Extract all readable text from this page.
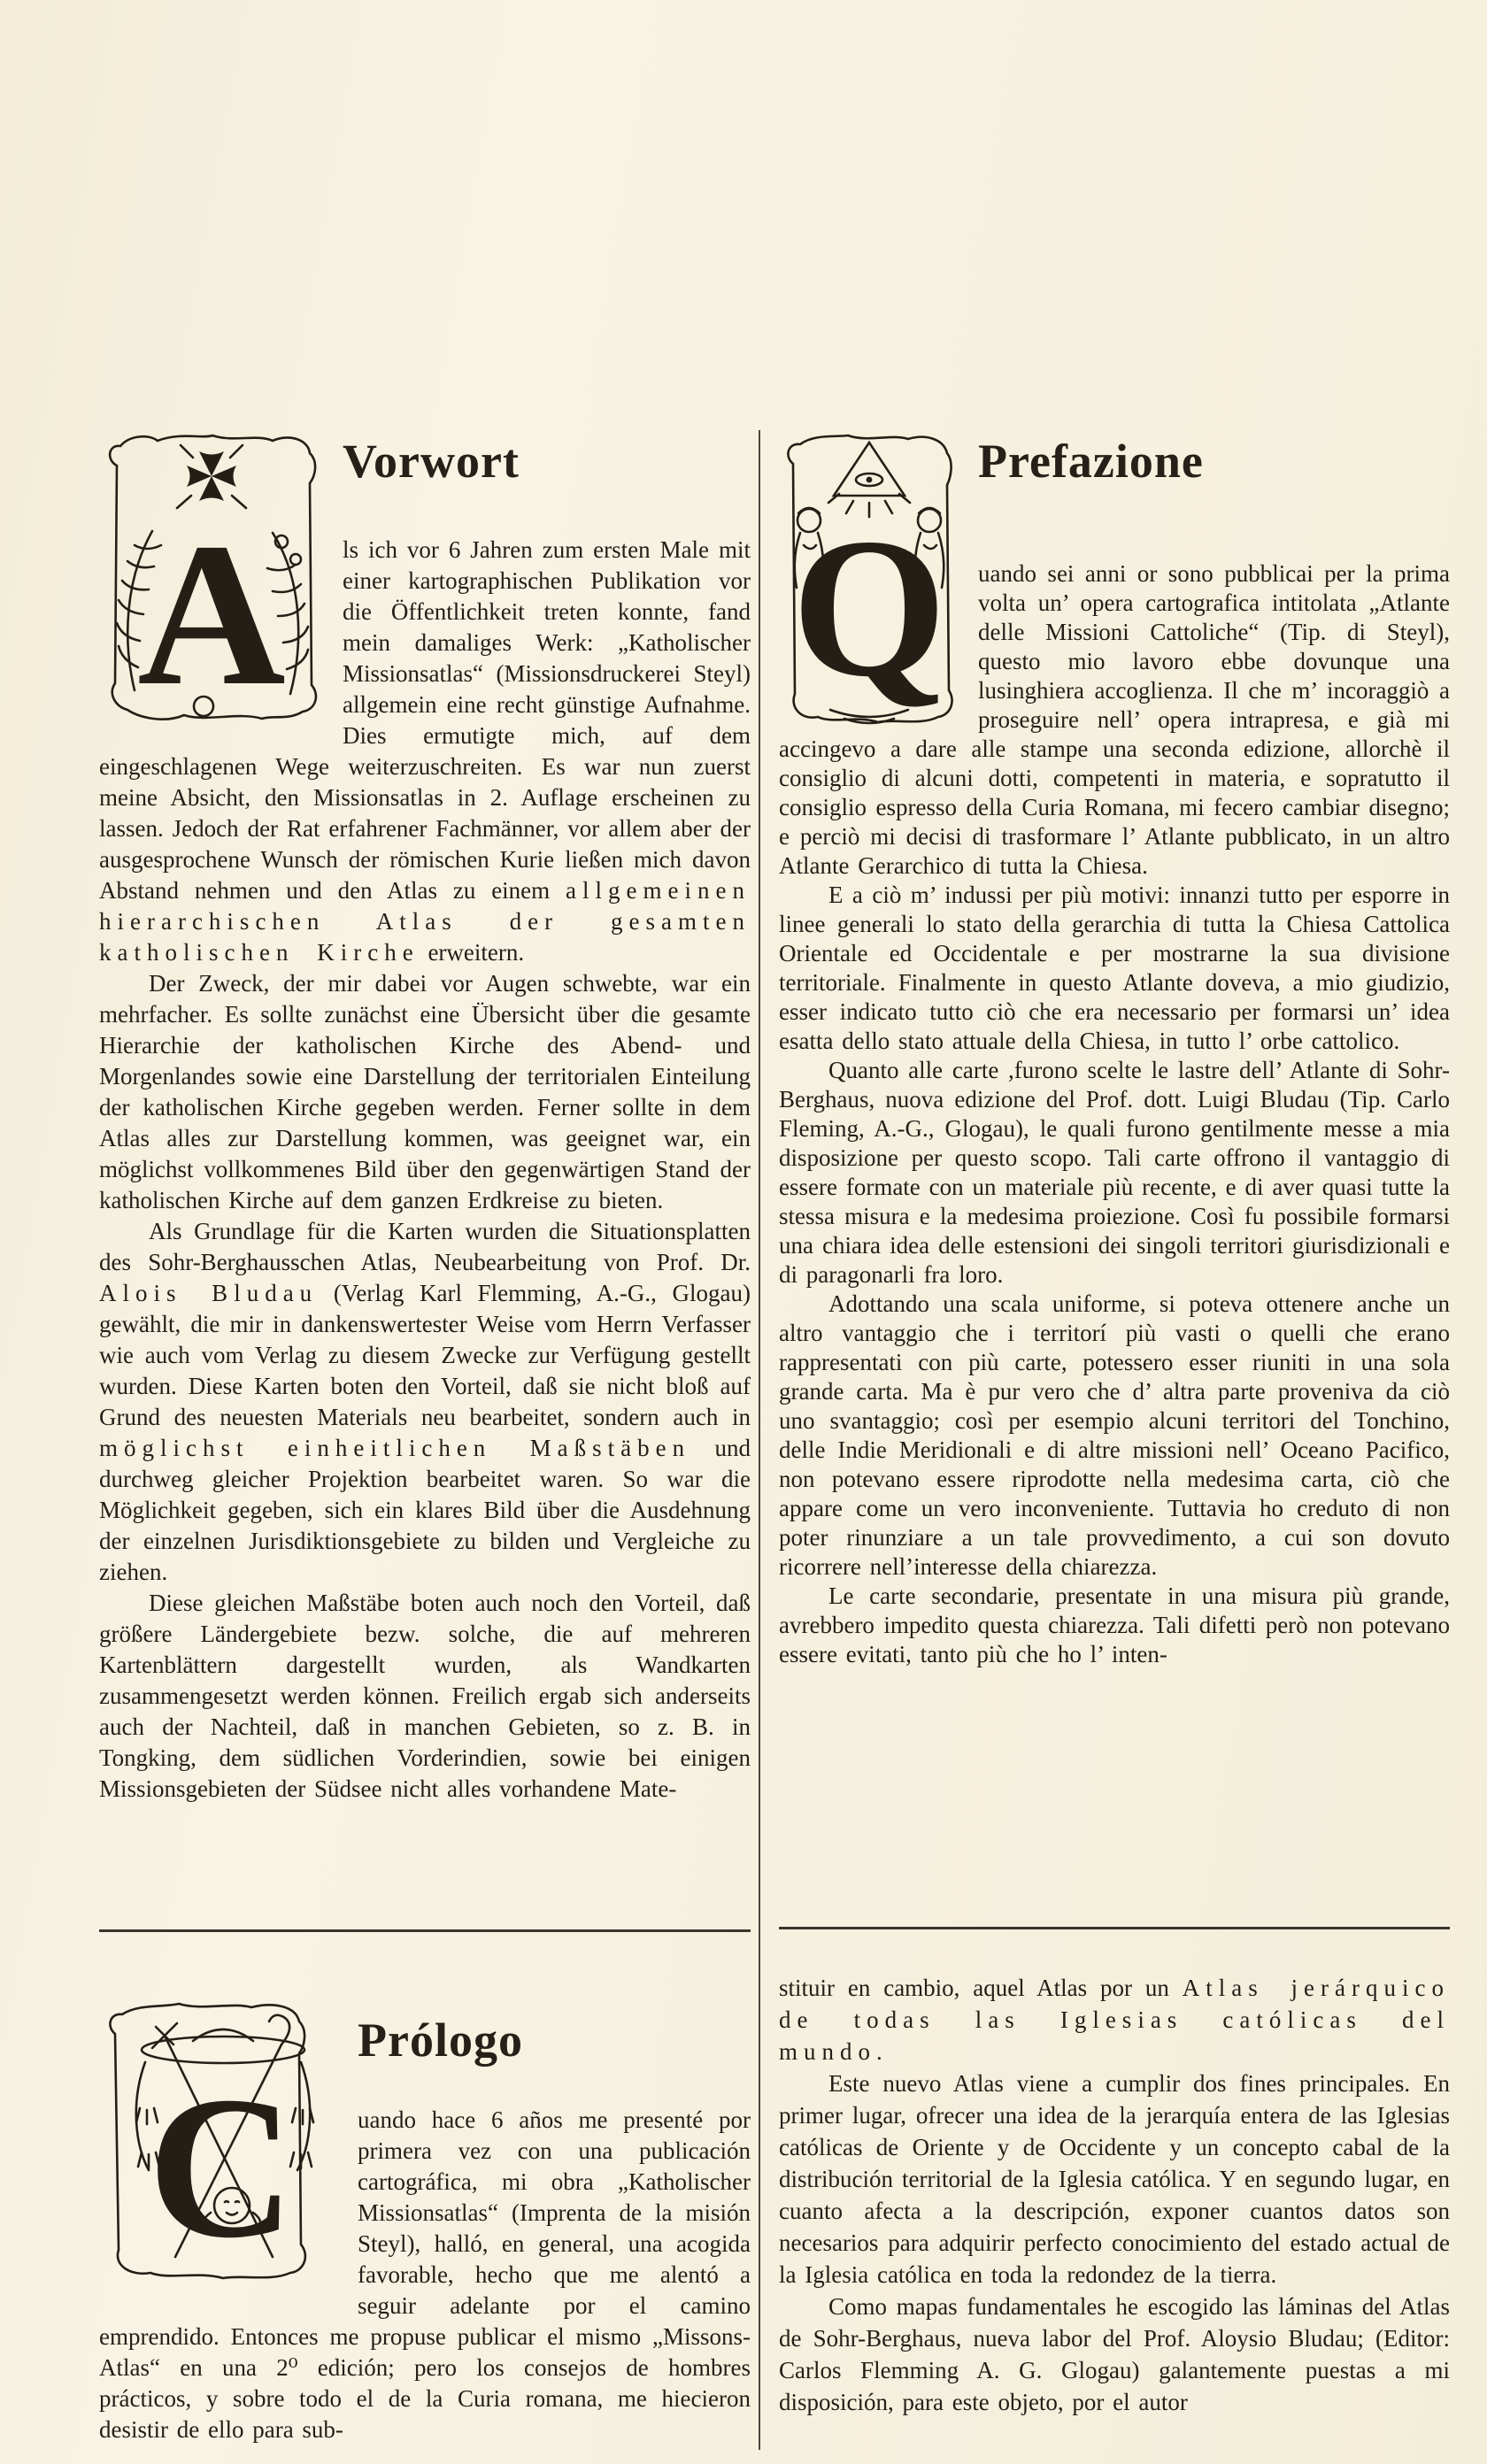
A
Vorwort

ls ich vor 6 Jahren zum ersten Male mit einer kartographischen Publikation vor die Öffentlichkeit treten konnte, fand mein damaliges Werk: „Katholischer Missionsatlas“ (Missionsdruckerei Steyl) allgemein eine recht günstige Aufnahme. Dies ermutigte mich, auf dem eingeschlagenen Wege weiterzuschreiten. Es war nun zuerst meine Absicht, den Missionsatlas in 2. Auflage erscheinen zu lassen. Jedoch der Rat erfahrener Fachmänner, vor allem aber der ausgesprochene Wunsch der römischen Kurie ließen mich davon Abstand nehmen und den Atlas zu einem allgemeinen hierarchischen Atlas der gesamten katholischen Kirche erweitern.

Der Zweck, der mir dabei vor Augen schwebte, war ein mehrfacher. Es sollte zunächst eine Übersicht über die gesamte Hierarchie der katholischen Kirche des Abend- und Morgenlandes sowie eine Darstellung der territorialen Einteilung der katholischen Kirche gegeben werden. Ferner sollte in dem Atlas alles zur Darstellung kommen, was geeignet war, ein möglichst vollkommenes Bild über den gegenwärtigen Stand der katholischen Kirche auf dem ganzen Erdkreise zu bieten.

Als Grundlage für die Karten wurden die Situationsplatten des Sohr-Berghausschen Atlas, Neubearbeitung von Prof. Dr. Alois Bludau (Verlag Karl Flemming, A.-G., Glogau) gewählt, die mir in dankenswertester Weise vom Herrn Verfasser wie auch vom Verlag zu diesem Zwecke zur Verfügung gestellt wurden. Diese Karten boten den Vorteil, daß sie nicht bloß auf Grund des neuesten Materials neu bearbeitet, sondern auch in möglichst einheitlichen Maßstäben und durchweg gleicher Projektion bearbeitet waren. So war die Möglichkeit gegeben, sich ein klares Bild über die Ausdehnung der einzelnen Jurisdiktionsgebiete zu bilden und Vergleiche zu ziehen.

Diese gleichen Maßstäbe boten auch noch den Vorteil, daß größere Ländergebiete bezw. solche, die auf mehreren Kartenblättern dargestellt wurden, als Wandkarten zusammengesetzt werden können. Freilich ergab sich anderseits auch der Nachteil, daß in manchen Gebieten, so z. B. in Tongking, dem südlichen Vorderindien, sowie bei einigen Missionsgebieten der Südsee nicht alles vorhandene Mate-

Q
Prefazione

uando sei anni or sono pubblicai per la prima volta un’ opera cartografica intitolata „Atlante delle Missioni Cattoliche“ (Tip. di Steyl), questo mio lavoro ebbe dovunque una lusinghiera accoglienza. Il che m’ incoraggiò a proseguire nell’ opera intrapresa, e già mi accingevo a dare alle stampe una seconda edizione, allorchè il consiglio di alcuni dotti, competenti in materia, e sopratutto il consiglio espresso della Curia Romana, mi fecero cambiar disegno; e perciò mi decisi di trasformare l’ Atlante pubblicato, in un altro Atlante Gerarchico di tutta la Chiesa.

E a ciò m’ indussi per più motivi: innanzi tutto per esporre in linee generali lo stato della gerarchia di tutta la Chiesa Cattolica Orientale ed Occidentale e per mostrarne la sua divisione territoriale. Finalmente in questo Atlante doveva, a mio giudizio, esser indicato tutto ciò che era necessario per formarsi un’ idea esatta dello stato attuale della Chiesa, in tutto l’ orbe cattolico.

Quanto alle carte ,furono scelte le lastre dell’ Atlante di Sohr-Berghaus, nuova edizione del Prof. dott. Luigi Bludau (Tip. Carlo Fleming, A.-G., Glogau), le quali furono gentilmente messe a mia disposizione per questo scopo. Tali carte offrono il vantaggio di essere formate con un materiale più recente, e di aver quasi tutte la stessa misura e la medesima proiezione. Così fu possibile formarsi una chiara idea delle estensioni dei singoli territori giurisdizionali e di paragonarli fra loro.

Adottando una scala uniforme, si poteva ottenere anche un altro vantaggio che i territorí più vasti o quelli che erano rappresentati con più carte, potessero esser riuniti in una sola grande carta. Ma è pur vero che d’ altra parte proveniva da ciò uno svantaggio; così per esempio alcuni territori del Tonchino, delle Indie Meridionali e di altre missioni nell’ Oceano Pacifico, non potevano essere riprodotte nella medesima carta, ciò che appare come un vero inconveniente. Tuttavia ho creduto di non poter rinunziare a un tale provvedimento, a cui son dovuto ricorrere nell’interesse della chiarezza.

Le carte secondarie, presentate in una misura più grande, avrebbero impedito questa chiarezza. Tali difetti però non potevano essere evitati, tanto più che ho l’ inten-

C
Prólogo

uando hace 6 años me presenté por primera vez con una publicación cartográfica, mi obra „Katholischer Missionsatlas“ (Imprenta de la misión Steyl), halló, en general, una acogida favorable, hecho que me alentó a seguir adelante por el camino emprendido. Entonces me propuse publicar el mismo „Missons-Atlas“ en una 2⁰ edición; pero los consejos de hombres prácticos, y sobre todo el de la Curia romana, me hiecieron desistir de ello para sub-

stituir en cambio, aquel Atlas por un Atlas jerárquico de todas las Iglesias católicas del mundo.

Este nuevo Atlas viene a cumplir dos fines principales. En primer lugar, ofrecer una idea de la jerarquía entera de las Iglesias católicas de Oriente y de Occidente y un concepto cabal de la distribución territorial de la Iglesia católica. Y en segundo lugar, en cuanto afecta a la descripción, exponer cuantos datos son necesarios para adquirir perfecto conocimiento del estado actual de la Iglesia católica en toda la redondez de la tierra.

Como mapas fundamentales he escogido las láminas del Atlas de Sohr-Berghaus, nueva labor del Prof. Aloysio Bludau; (Editor: Carlos Flemming A. G. Glogau) galantemente puestas a mi disposición, para este objeto, por el autor
